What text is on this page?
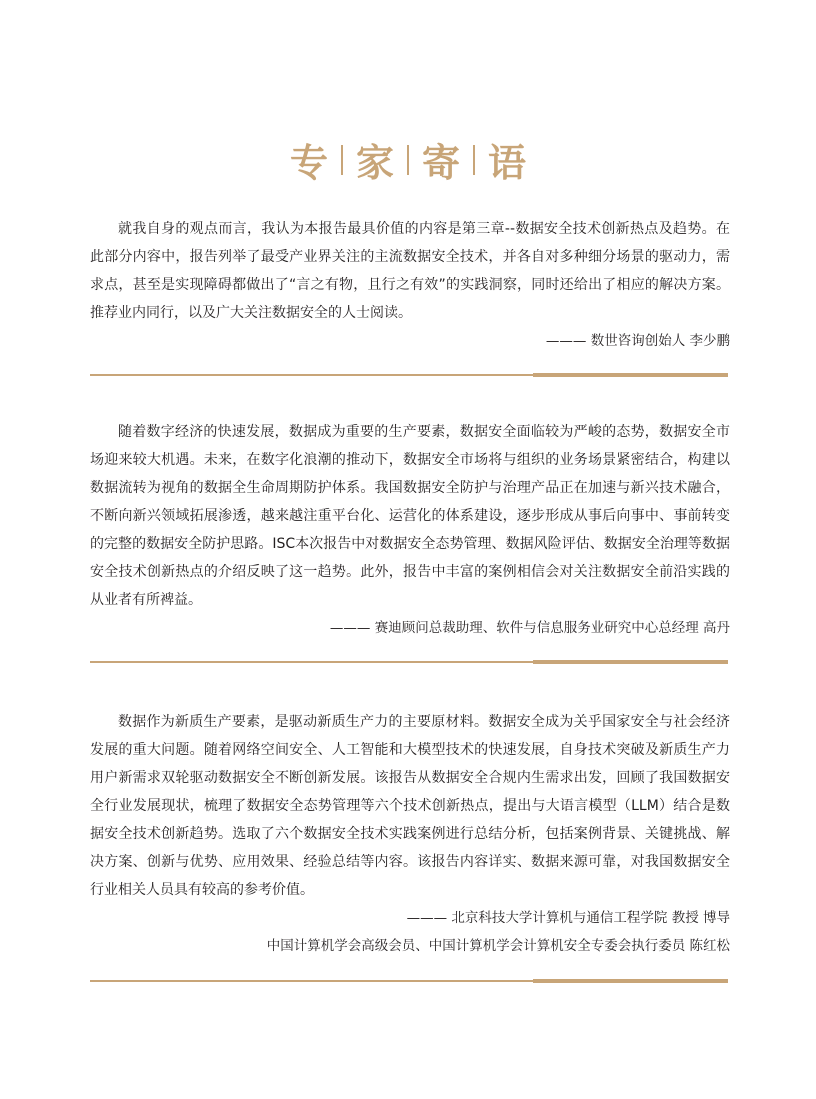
专 家 寄 语

就我自身的观点而言，我认为本报告最具价值的内容是第三章--数据安全技术创新热点及趋势。在此部分内容中，报告列举了最受产业界关注的主流数据安全技术，并各自对多种细分场景的驱动力，需求点，甚至是实现障碍都做出了“言之有物，且行之有效”的实践洞察，同时还给出了相应的解决方案。推荐业内同行，以及广大关注数据安全的人士阅读。

——— 数世咨询创始人 李少鹏

随着数字经济的快速发展，数据成为重要的生产要素，数据安全面临较为严峻的态势，数据安全市场迎来较大机遇。未来，在数字化浪潮的推动下，数据安全市场将与组织的业务场景紧密结合，构建以数据流转为视角的数据全生命周期防护体系。我国数据安全防护与治理产品正在加速与新兴技术融合，不断向新兴领域拓展渗透，越来越注重平台化、运营化的体系建设，逐步形成从事后向事中、事前转变的完整的数据安全防护思路。ISC本次报告中对数据安全态势管理、数据风险评估、数据安全治理等数据安全技术创新热点的介绍反映了这一趋势。此外，报告中丰富的案例相信会对关注数据安全前沿实践的从业者有所裨益。

——— 赛迪顾问总裁助理、软件与信息服务业研究中心总经理 高丹

数据作为新质生产要素，是驱动新质生产力的主要原材料。数据安全成为关乎国家安全与社会经济发展的重大问题。随着网络空间安全、人工智能和大模型技术的快速发展，自身技术突破及新质生产力用户新需求双轮驱动数据安全不断创新发展。该报告从数据安全合规内生需求出发，回顾了我国数据安全行业发展现状，梳理了数据安全态势管理等六个技术创新热点，提出与大语言模型（LLM）结合是数据安全技术创新趋势。选取了六个数据安全技术实践案例进行总结分析，包括案例背景、关键挑战、解决方案、创新与优势、应用效果、经验总结等内容。该报告内容详实、数据来源可靠，对我国数据安全行业相关人员具有较高的参考价值。

——— 北京科技大学计算机与通信工程学院 教授 博导

中国计算机学会高级会员、中国计算机学会计算机安全专委会执行委员 陈红松
